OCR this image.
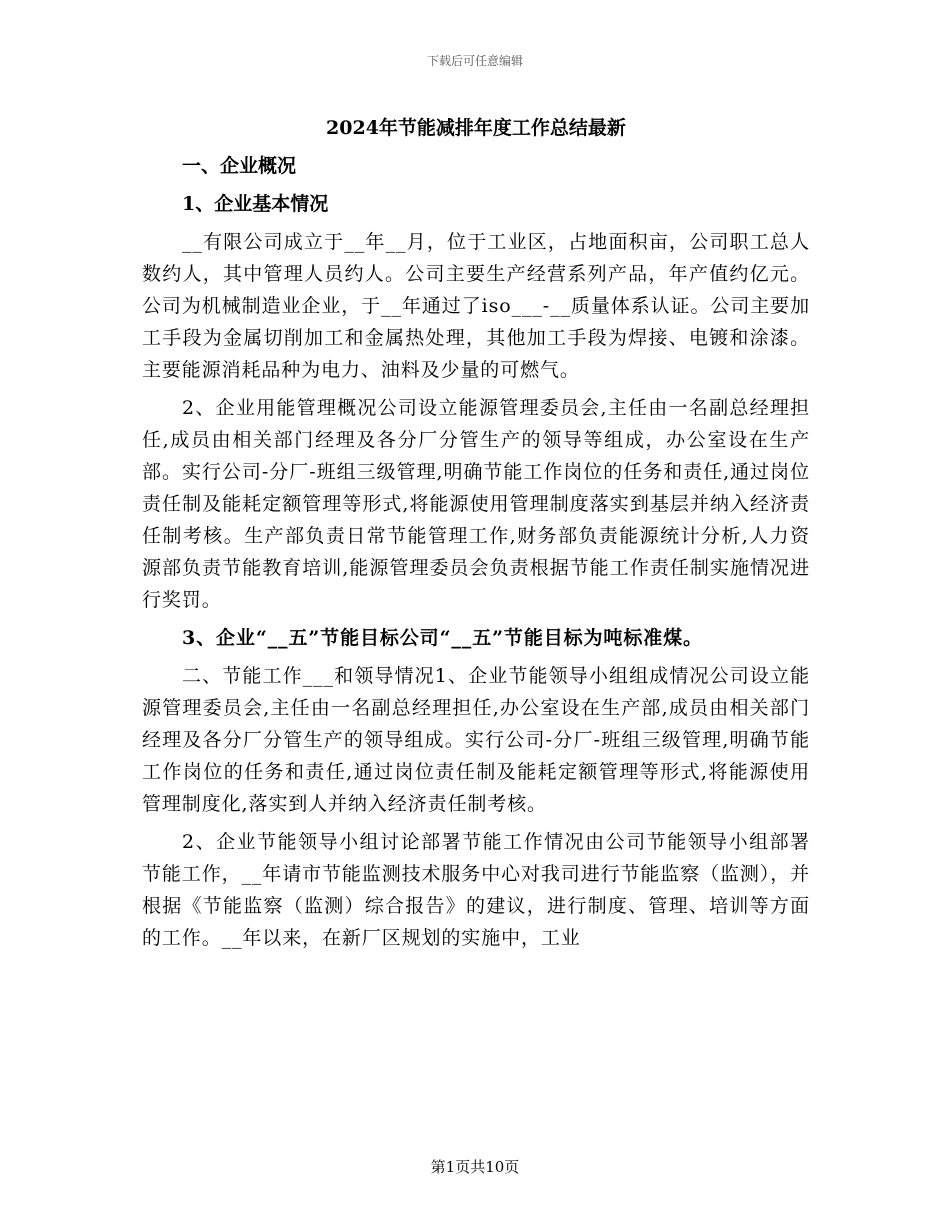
下载后可任意编辑
2024年节能减排年度工作总结最新
一、企业概况
1、企业基本情况
__有限公司成立于__年__月，位于工业区，占地面积亩，公司职工总人数约人，其中管理人员约人。公司主要生产经营系列产品，年产值约亿元。公司为机械制造业企业，于__年通过了iso___-__质量体系认证。公司主要加工手段为金属切削加工和金属热处理，其他加工手段为焊接、电镀和涂漆。主要能源消耗品种为电力、油料及少量的可燃气。
2、企业用能管理概况公司设立能源管理委员会,主任由一名副总经理担任,成员由相关部门经理及各分厂分管生产的领导等组成，办公室设在生产部。实行公司-分厂-班组三级管理,明确节能工作岗位的任务和责任,通过岗位责任制及能耗定额管理等形式,将能源使用管理制度落实到基层并纳入经济责任制考核。生产部负责日常节能管理工作,财务部负责能源统计分析,人力资源部负责节能教育培训,能源管理委员会负责根据节能工作责任制实施情况进行奖罚。
3、企业“__五”节能目标公司“__五”节能目标为吨标准煤。
二、节能工作___和领导情况1、企业节能领导小组组成情况公司设立能源管理委员会,主任由一名副总经理担任,办公室设在生产部,成员由相关部门经理及各分厂分管生产的领导组成。实行公司-分厂-班组三级管理,明确节能工作岗位的任务和责任,通过岗位责任制及能耗定额管理等形式,将能源使用管理制度化,落实到人并纳入经济责任制考核。
2、企业节能领导小组讨论部署节能工作情况由公司节能领导小组部署节能工作，__年请市节能监测技术服务中心对我司进行节能监察（监测），并根据《节能监察（监测）综合报告》的建议，进行制度、管理、培训等方面的工作。__年以来，在新厂区规划的实施中，工业
第1页共10页
